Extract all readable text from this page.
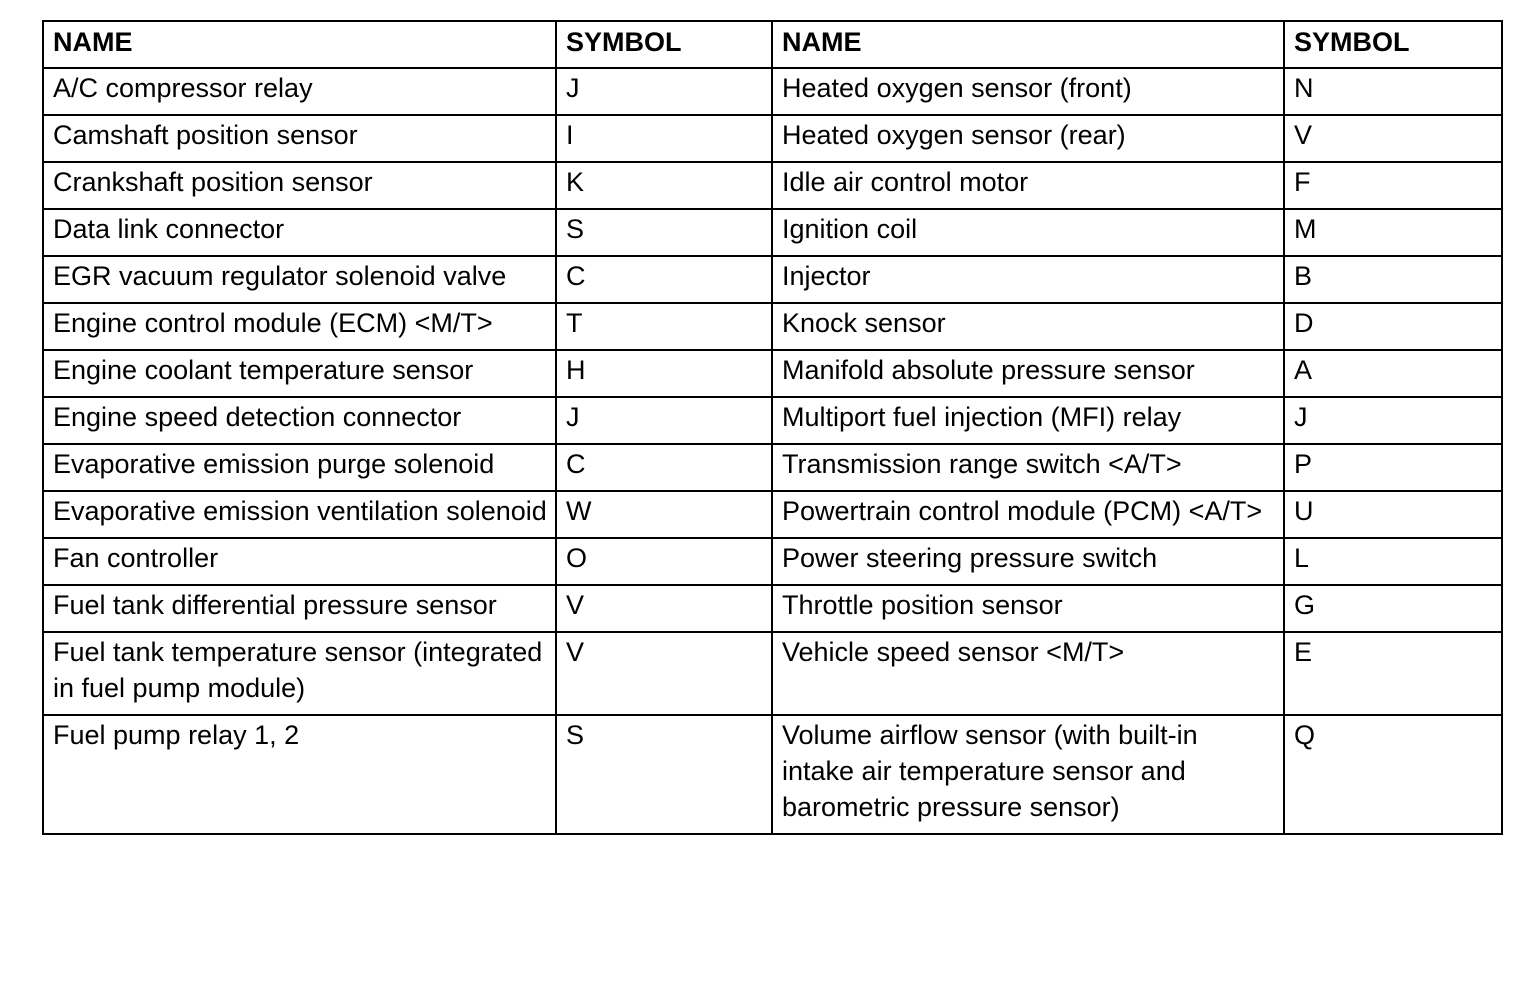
NAME	SYMBOL	NAME	SYMBOL
A/C compressor relay	J	Heated oxygen sensor (front)	N
Camshaft position sensor	I	Heated oxygen sensor (rear)	V
Crankshaft position sensor	K	Idle air control motor	F
Data link connector	S	Ignition coil	M
EGR vacuum regulator solenoid valve	C	Injector	B
Engine control module (ECM) <M/T>	T	Knock sensor	D
Engine coolant temperature sensor	H	Manifold absolute pressure sensor	A
Engine speed detection connector	J	Multiport fuel injection (MFI) relay	J
Evaporative emission purge solenoid	C	Transmission range switch <A/T>	P
Evaporative emission ventilation solenoid	W	Powertrain control module (PCM) <A/T>	U
Fan controller	O	Power steering pressure switch	L
Fuel tank differential pressure sensor	V	Throttle position sensor	G
Fuel tank temperature sensor (integrated in fuel pump module)	V	Vehicle speed sensor <M/T>	E
Fuel pump relay 1, 2	S	Volume airflow sensor (with built-in intake air temperature sensor and barometric pressure sensor)	Q
